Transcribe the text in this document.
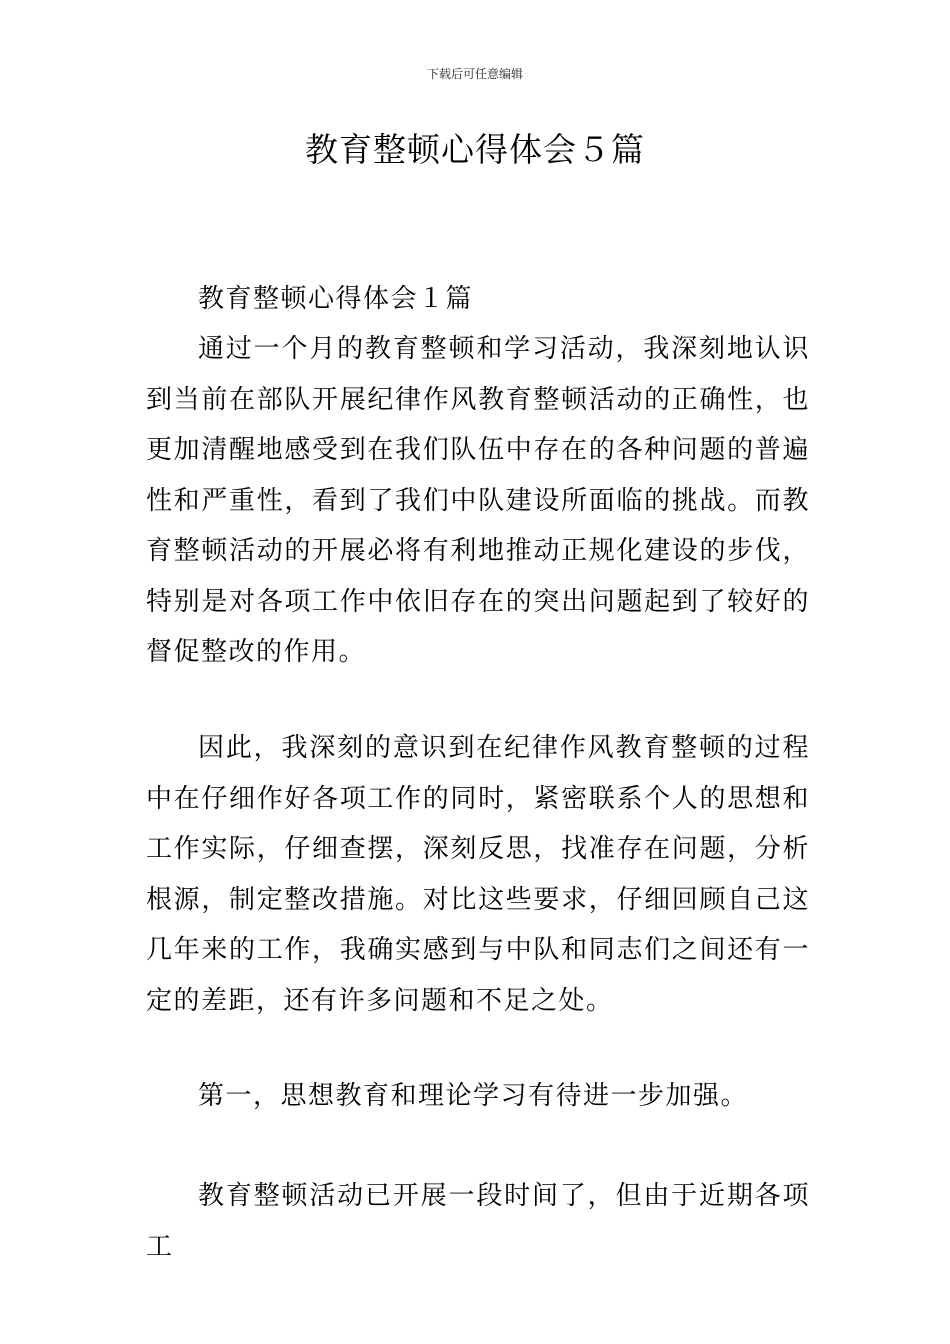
下载后可任意编辑
教育整顿心得体会５篇

教育整顿心得体会１篇

通过一个月的教育整顿和学习活动，我深刻地认识到当前在部队开展纪律作风教育整顿活动的正确性，也更加清醒地感受到在我们队伍中存在的各种问题的普遍性和严重性，看到了我们中队建设所面临的挑战。而教育整顿活动的开展必将有利地推动正规化建设的步伐，特别是对各项工作中依旧存在的突出问题起到了较好的督促整改的作用。

因此，我深刻的意识到在纪律作风教育整顿的过程中在仔细作好各项工作的同时，紧密联系个人的思想和工作实际，仔细查摆，深刻反思，找准存在问题，分析根源，制定整改措施。对比这些要求，仔细回顾自己这几年来的工作，我确实感到与中队和同志们之间还有一定的差距，还有许多问题和不足之处。

第一，思想教育和理论学习有待进一步加强。

教育整顿活动已开展一段时间了，但由于近期各项工
